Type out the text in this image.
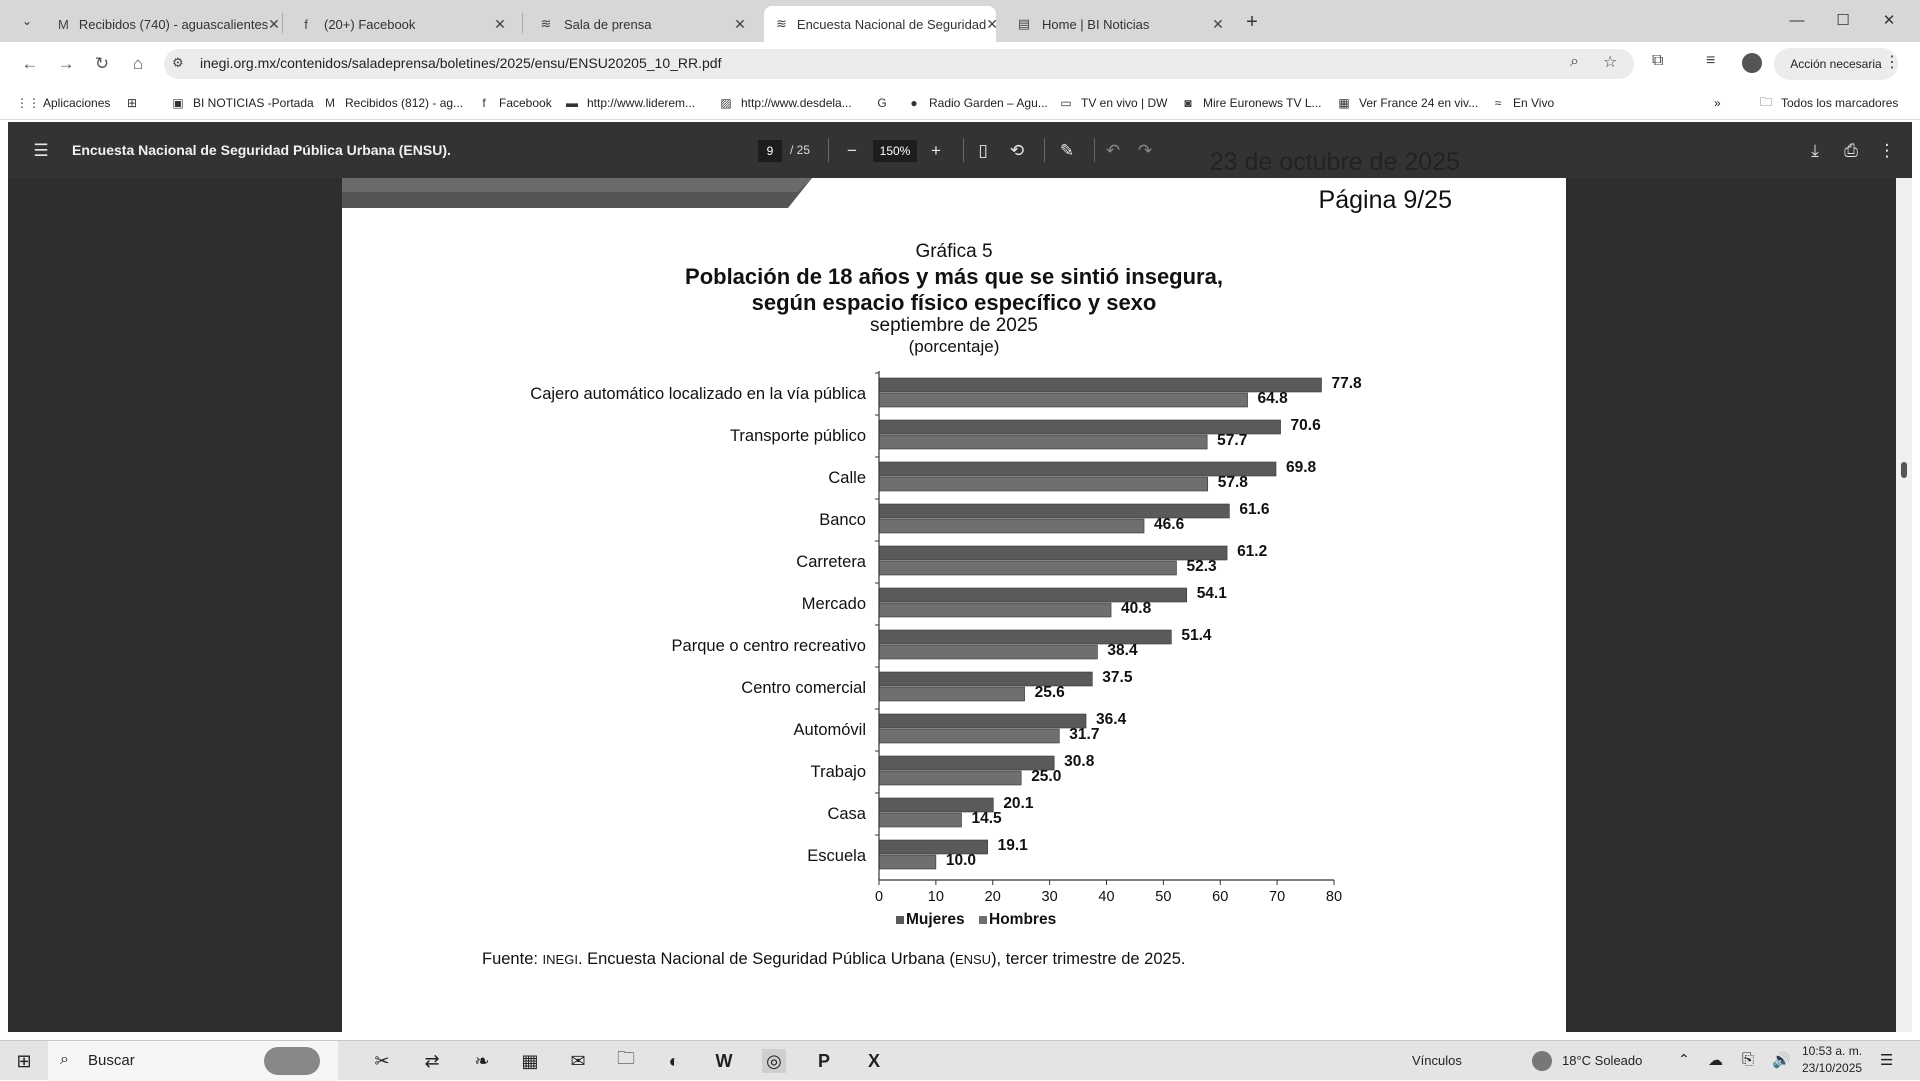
⌄ M Recibidos (740) - aguascalientes ✕	f	(20+) Facebook	✕	≋ Sala de prensa	✕	≋ Encuesta Nacional de Seguridad ✕ ▤ Home | BI Noticias	✕	+	— ☐ ✕
← → ↻ ⌂ ⚙ inegi.org.mx/contenidos/saladeprensa/boletines/2025/ensu/ENSU20205_10_RR.pdf	⌕ ☆ ⧉	≡	Acción necesaria ⋮
⋮⋮ Aplicaciones ⊞	▣ BI NOTICIAS -Portada M Recibidos (812) - ag...	f	Facebook ▬ http://www.liderem... ▨ http://www.desdela... G	● Radio Garden – Agu... ▭ TV en vivo | DW	◙ Mire Euronews TV L... ▦ Ver France 24 en viv...	≈ En Vivo	»	🗀 Todos los marcadores
☰ Encuesta Nacional de Seguridad Pública Urbana (ENSU).	9	/ 25 −	150%	+ ▯ ⟲ ✎ ↶ ↷	⤓ ⎙ ⋮
23 de octubre de 2025
Página 9/25
Gráfica 5
Población de 18 años y más que se sintió insegura,
según espacio físico específico y sexo
septiembre de 2025
(porcentaje)
77.8
64.8
Cajero automático localizado en la vía pública
70.6
57.7
Transporte público
69.8
57.8
Calle
61.6
46.6
Banco
61.2
52.3
Carretera
54.1
40.8
Mercado
51.4
38.4
Parque o centro recreativo
37.5
25.6
Centro comercial
36.4
31.7
Automóvil
30.8
25.0
Trabajo
20.1
14.5
Casa
19.1
10.0
Escuela
0	10	20	30	40	50	60	70	80
Mujeres Hombres
Fuente: INEGI. Encuesta Nacional de Seguridad Pública Urbana (ENSU), tercer trimestre de 2025.
⊞ ⌕ Buscar	✂ ⇄ ❧ ▦ ✉ 🗀	◐	W ◎	P	X	Vínculos	18°C Soleado	⌃ ☁ ⎘ 🔊
10:53 a. m.
23/10/2025 ☰
